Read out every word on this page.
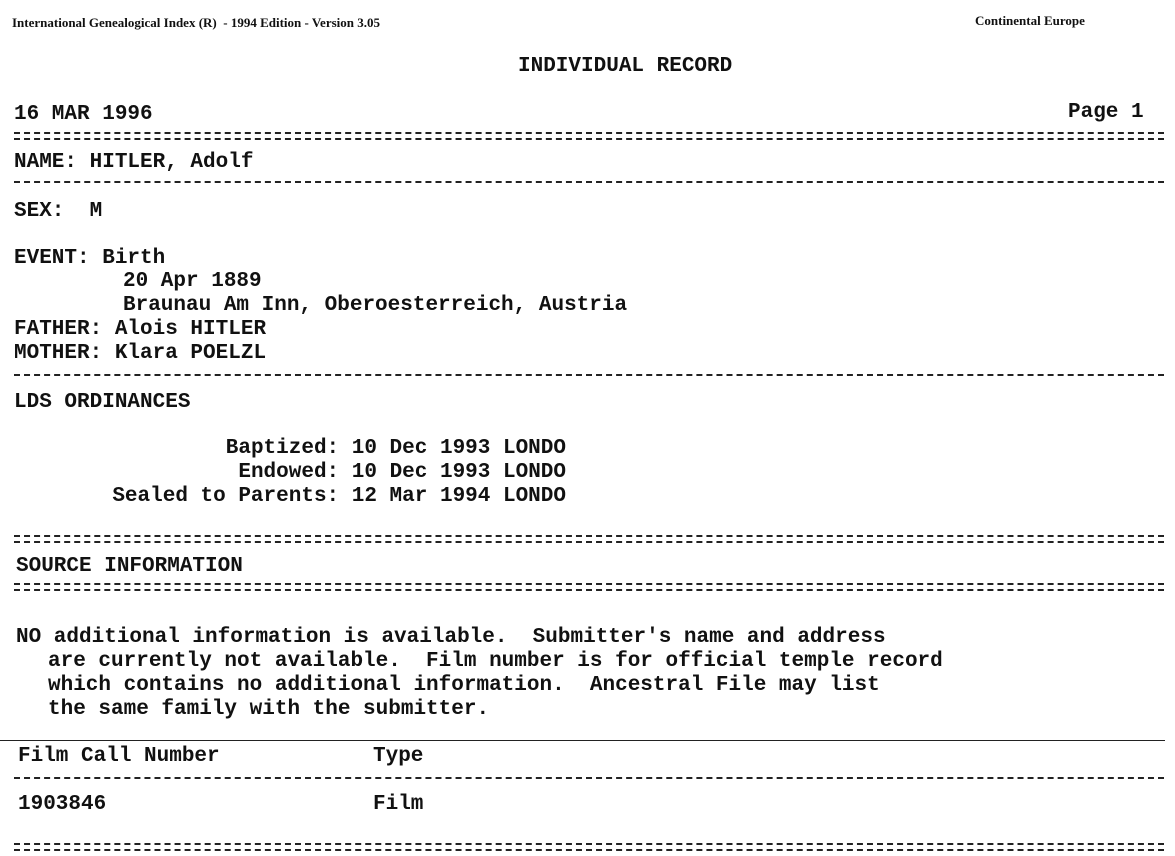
International Genealogical Index (R)  - 1994 Edition - Version 3.05	Continental Europe
INDIVIDUAL RECORD
16 MAR 1996	Page 1
NAME: HITLER, Adolf
SEX:  M
EVENT: Birth
20 Apr 1889
Braunau Am Inn, Oberoesterreich, Austria
FATHER: Alois HITLER
MOTHER: Klara POELZL
LDS ORDINANCES
Baptized: 10 Dec 1993 LONDO
Endowed: 10 Dec 1993 LONDO
Sealed to Parents: 12 Mar 1994 LONDO
SOURCE INFORMATION
NO additional information is available.  Submitter's name and address
are currently not available.  Film number is for official temple record
which contains no additional information.  Ancestral File may list
the same family with the submitter.
Film Call Number	Type
1903846	Film
